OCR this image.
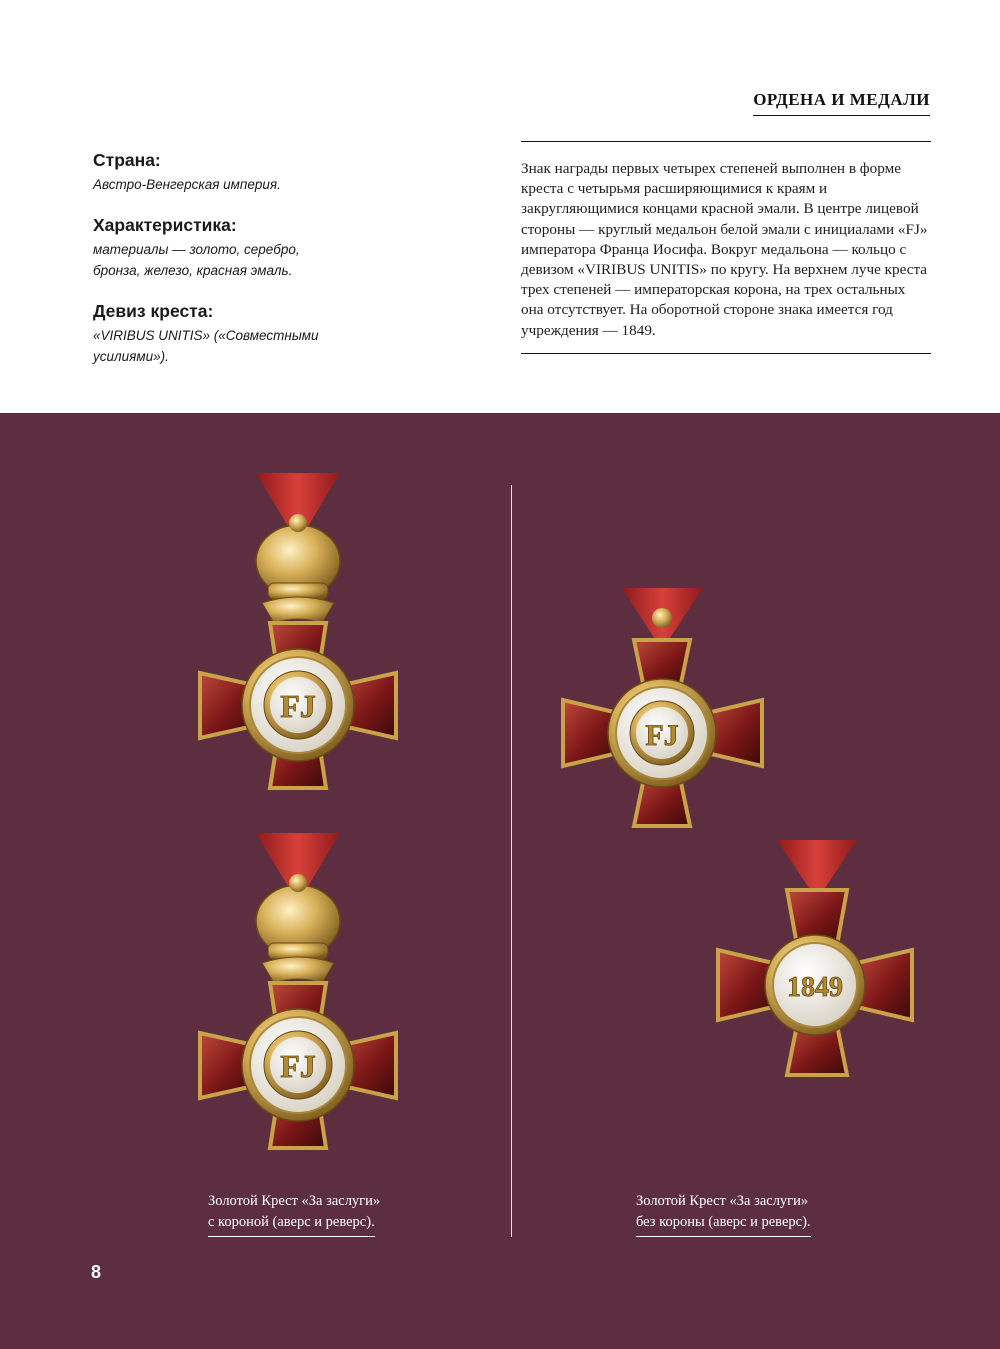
ОРДЕНА И МЕДАЛИ
Страна:
Австро-Венгерская империя.
Характеристика:
материалы — золото, серебро, бронза, железо, красная эмаль.
Девиз креста:
«VIRIBUS UNITIS» («Совместными усилиями»).

Знак награды первых четырех степеней выполнен в форме креста с четырьмя расширяющимися к краям и закругляющимися концами красной эмали. В центре лицевой стороны — круглый медальон белой эмали с инициалами «FJ» императора Франца Иосифа. Вокруг медальона — кольцо с девизом «VIRIBUS UNITIS» по кругу. На верхнем луче креста трех степеней — императорская корона, на трех остальных она отсутствует. На оборотной стороне знака имеется год учреждения — 1849.

FJ
FJ
FJ
1849
Золотой Крест «За заслуги»
с короной (аверс и реверс).
Золотой Крест «За заслуги»
без короны (аверс и реверс).
8
